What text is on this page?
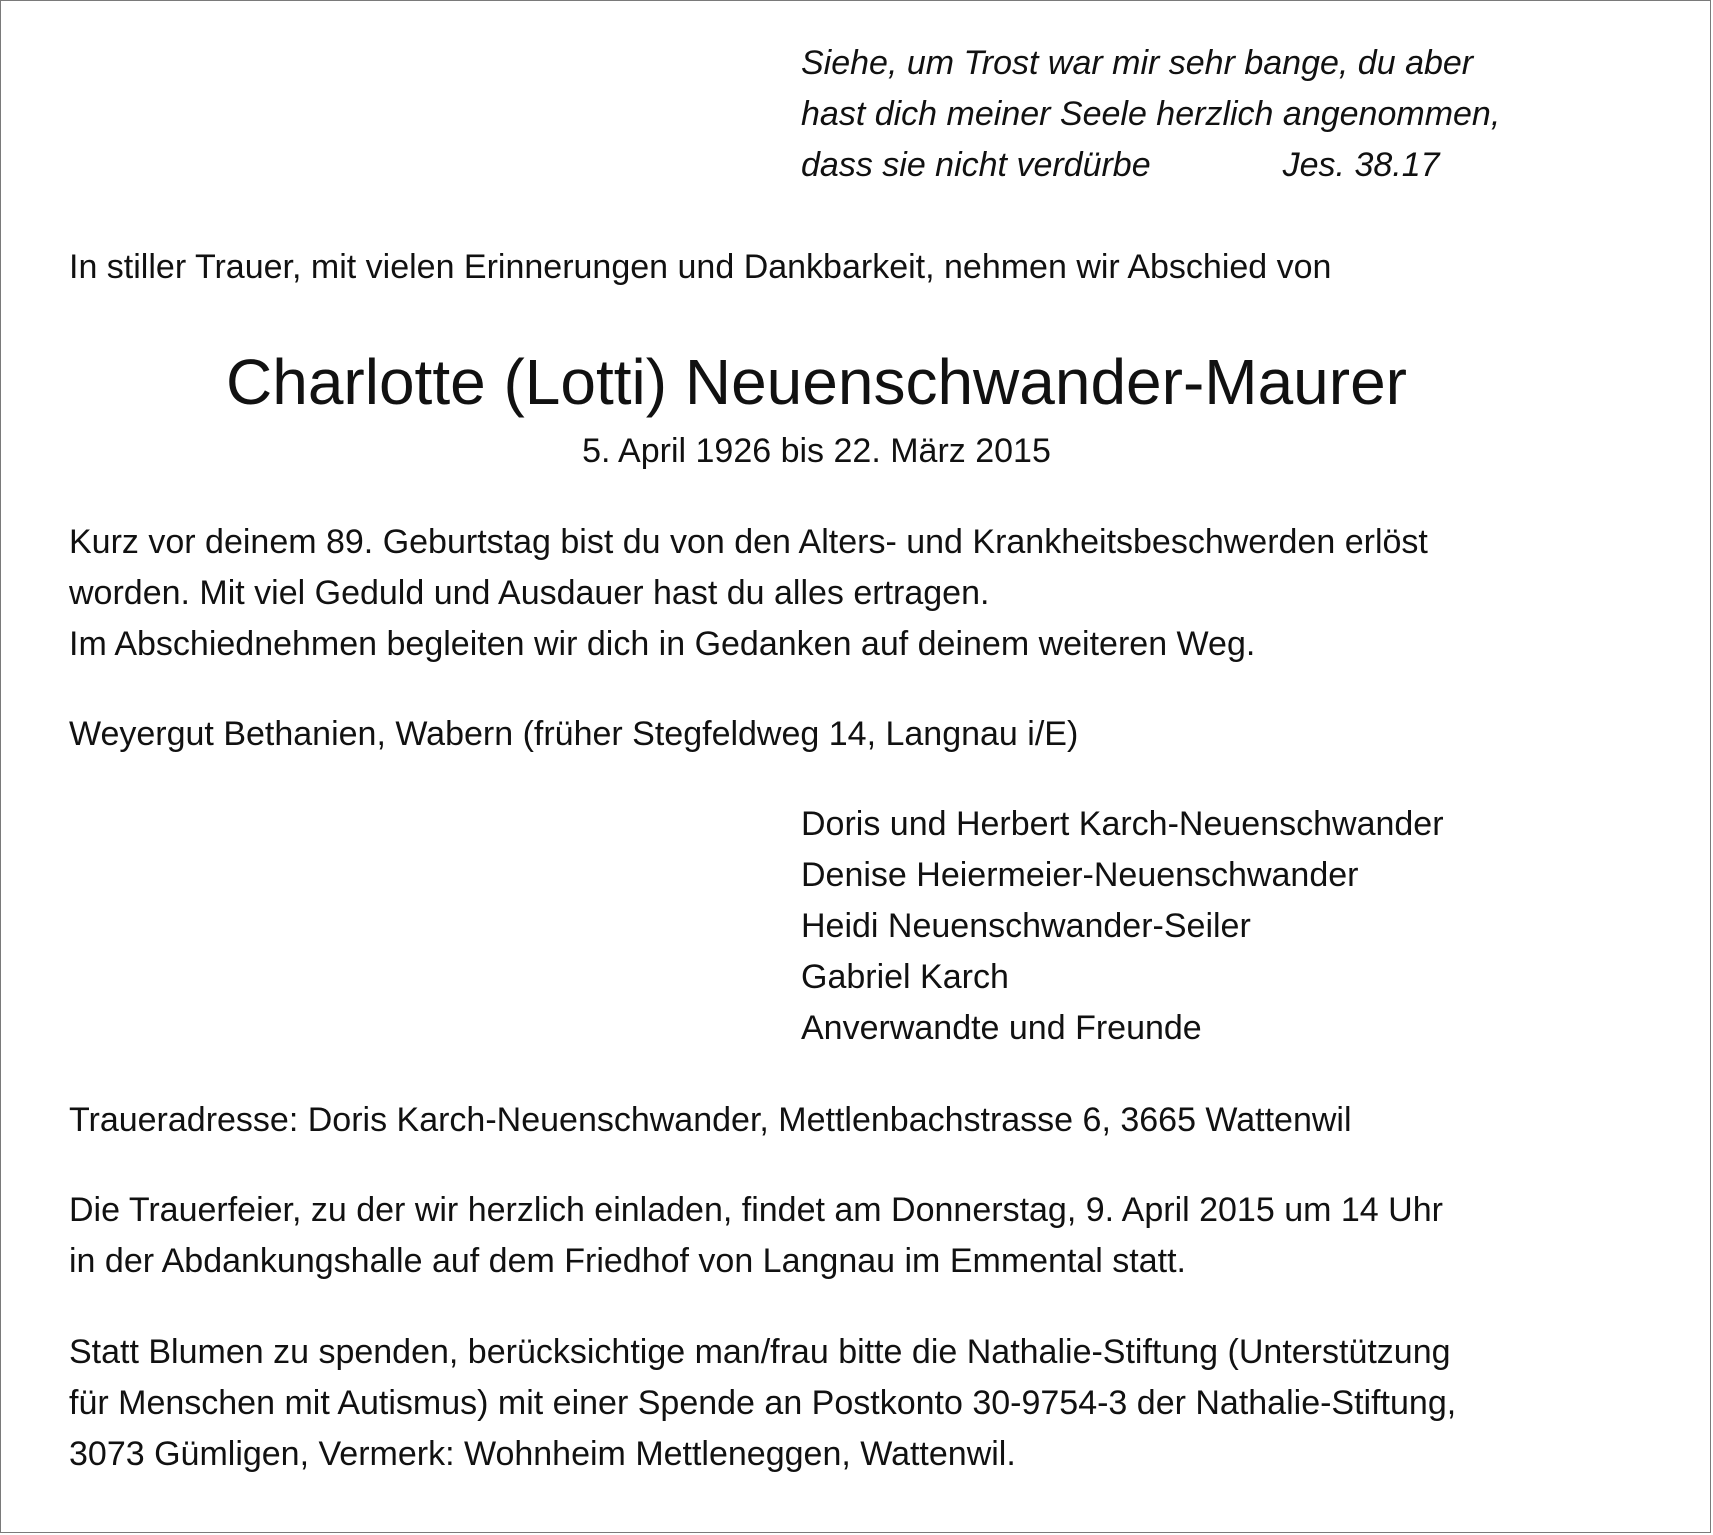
Siehe, um Trost war mir sehr bange, du aber
hast dich meiner Seele herzlich angenommen,
dass sie nicht verdürbe	Jes. 38.17
In stiller Trauer, mit vielen Erinnerungen und Dankbarkeit, nehmen wir Abschied von
Charlotte (Lotti) Neuenschwander-Maurer
5. April 1926 bis 22. März 2015
Kurz vor deinem 89. Geburtstag bist du von den Alters- und Krankheitsbeschwerden erlöst
worden. Mit viel Geduld und Ausdauer hast du alles ertragen.
Im Abschiednehmen begleiten wir dich in Gedanken auf deinem weiteren Weg.
Weyergut Bethanien, Wabern (früher Stegfeldweg 14, Langnau i/E)
Doris und Herbert Karch-Neuenschwander
Denise Heiermeier-Neuenschwander
Heidi Neuenschwander-Seiler
Gabriel Karch
Anverwandte und Freunde
Traueradresse: Doris Karch-Neuenschwander, Mettlenbachstrasse 6, 3665 Wattenwil
Die Trauerfeier, zu der wir herzlich einladen, findet am Donnerstag, 9. April 2015 um 14 Uhr
in der Abdankungshalle auf dem Friedhof von Langnau im Emmental statt.
Statt Blumen zu spenden, berücksichtige man/frau bitte die Nathalie-Stiftung (Unterstützung
für Menschen mit Autismus) mit einer Spende an Postkonto 30-9754-3 der Nathalie-Stiftung,
3073 Gümligen, Vermerk: Wohnheim Mettleneggen, Wattenwil.
